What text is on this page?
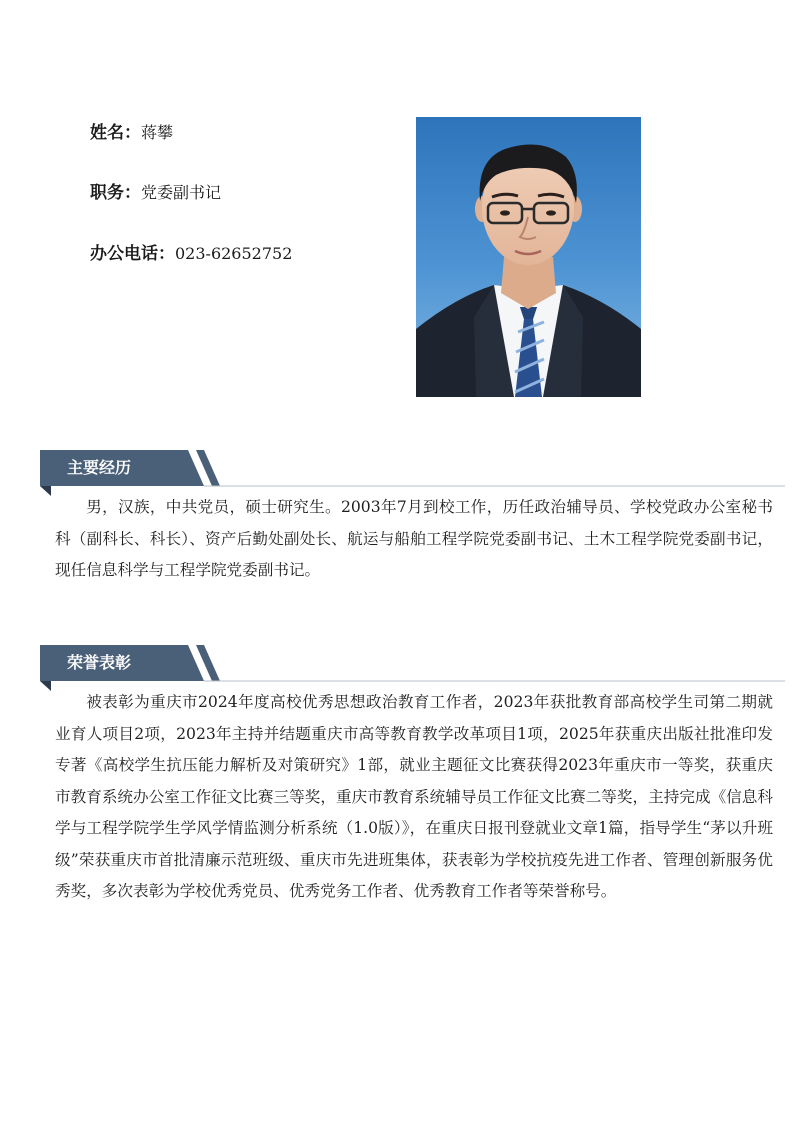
姓名：蒋攀
职务：党委副书记
办公电话：023-62652752
主要经历

男，汉族，中共党员，硕士研究生。2003年7月到校工作，历任政治辅导员、学校党政办公室秘书科（副科长、科长）、资产后勤处副处长、航运与船舶工程学院党委副书记、土木工程学院党委副书记，现任信息科学与工程学院党委副书记。

荣誉表彰

被表彰为重庆市2024年度高校优秀思想政治教育工作者，2023年获批教育部高校学生司第二期就业育人项目2项，2023年主持并结题重庆市高等教育教学改革项目1项，2025年获重庆出版社批准印发专著《高校学生抗压能力解析及对策研究》1部，就业主题征文比赛获得2023年重庆市一等奖，获重庆市教育系统办公室工作征文比赛三等奖，重庆市教育系统辅导员工作征文比赛二等奖，主持完成《信息科学与工程学院学生学风学情监测分析系统（1.0版）》，在重庆日报刊登就业文章1篇，指导学生“茅以升班级”荣获重庆市首批清廉示范班级、重庆市先进班集体，获表彰为学校抗疫先进工作者、管理创新服务优秀奖，多次表彰为学校优秀党员、优秀党务工作者、优秀教育工作者等荣誉称号。
